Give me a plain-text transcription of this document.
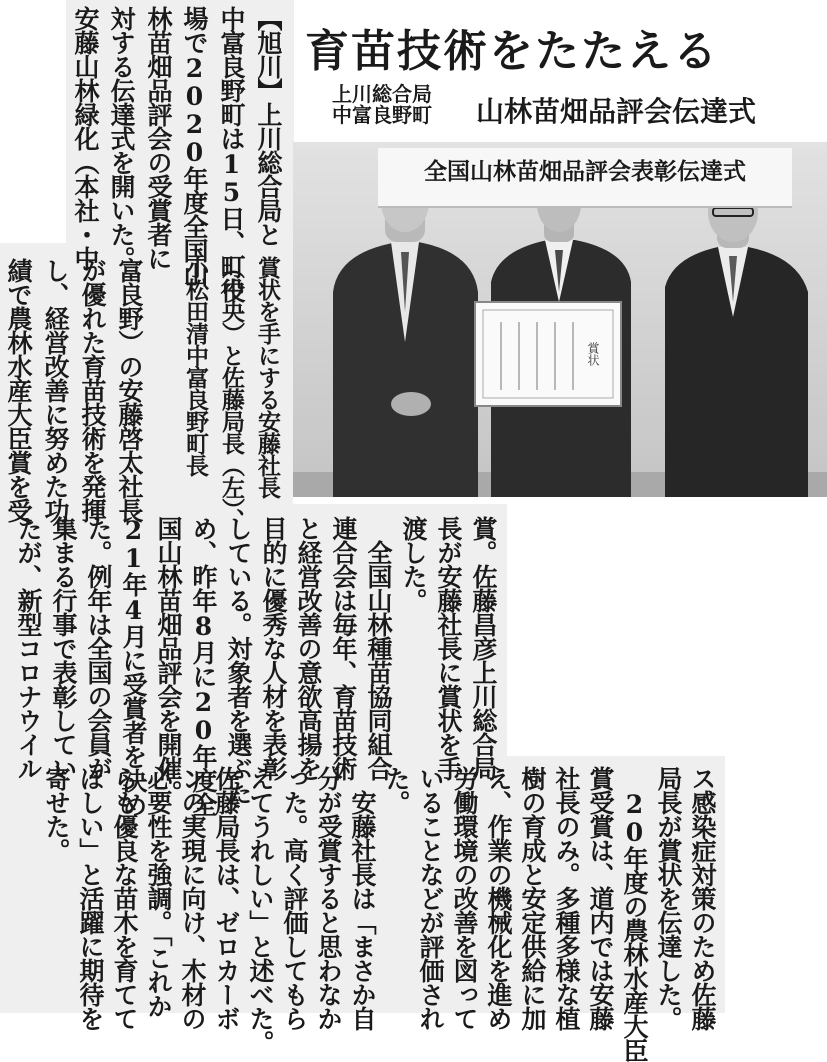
育苗技術をたたえる
上川総合局
中富良野町 山林苗畑品評会伝達式
賞状
全国山林苗畑品評会表彰伝達式
【旭川】上川総合局と
中富良野町は15日、町役
場で2020年度全国山
林苗畑品評会の受賞者に
対する伝達式を開いた。
安藤山林緑化（本社・中
賞状を手にする安藤社長
（中央）と佐藤局長（左）、
小松田清中富良野町長
富良野）の安藤啓太社長
が優れた育苗技術を発揮
し、経営改善に努めた功
績で農林水産大臣賞を受
賞。佐藤昌彦上川総合局
長が安藤社長に賞状を手
渡した。
　全国山林種苗協同組合
連合会は毎年、育苗技術
と経営改善の意欲高揚を
目的に優秀な人材を表彰
している。対象者を選ぶた
め、昨年8月に20年度全
国山林苗畑品評会を開催。
21年4月に受賞者を決め
た。例年は全国の会員が
集まる行事で表彰してい
たが、新型コロナウイル
ス感染症対策のため佐藤
局長が賞状を伝達した。
　20年度の農林水産大臣
賞受賞は、道内では安藤
社長のみ。多種多様な植
樹の育成と安定供給に加
え、作業の機械化を進め
労働環境の改善を図って
いることなどが評価され
た。
　安藤社長は「まさか自
分が受賞すると思わなか
った。高く評価してもら
えてうれしい」と述べた。
佐藤局長は、ゼロカーボ
ンの実現に向け、木材の
必要性を強調。「これか
らも優良な苗木を育てて
ほしい」と活躍に期待を
寄せた。
